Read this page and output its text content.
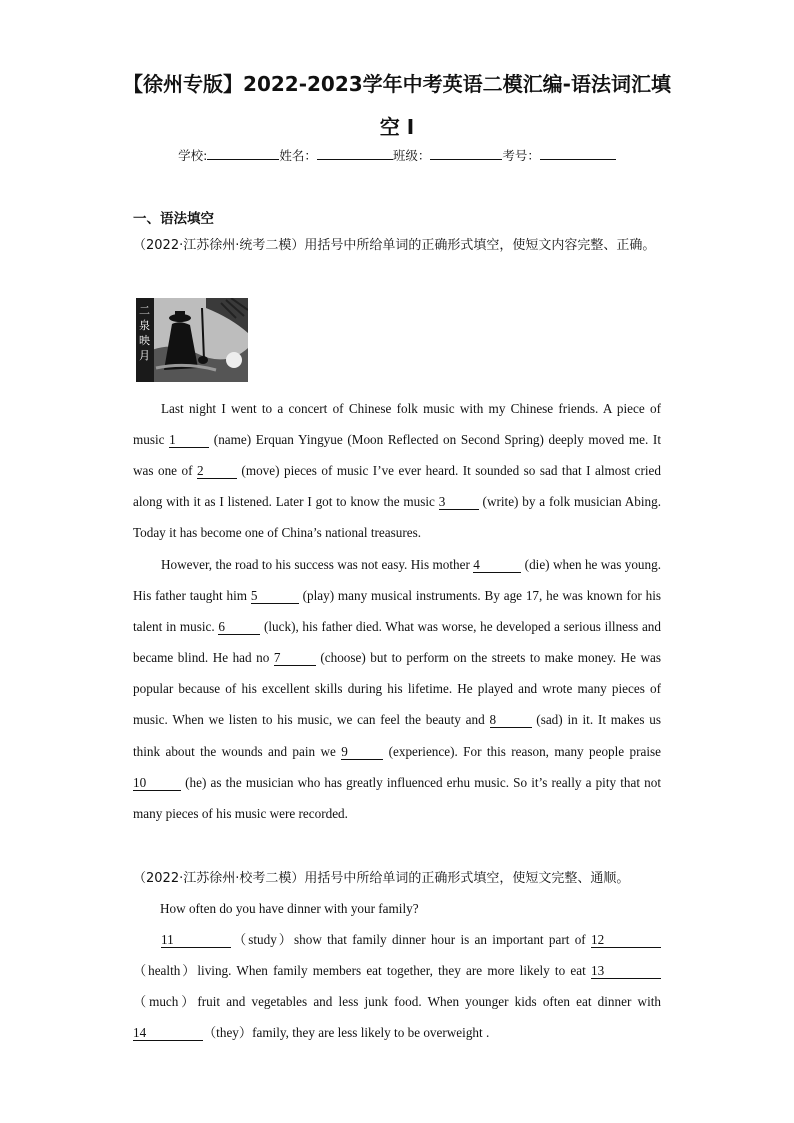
【徐州专版】2022-2023学年中考英语二模汇编-语法词汇填
空 I
学校:	姓名：	班级：	考号：
一、语法填空
（2022·江苏徐州·统考二模）用括号中所给单词的正确形式填空，使短文内容完整、正确。
二
泉
映
月
Last night I went to a concert of Chinese folk music with my Chinese friends. A piece of music 1	(name) Erquan Yingyue (Moon Reflected on Second Spring) deeply moved me. It was one of 2	(move) pieces of music I’ve ever heard. It sounded so sad that I almost cried along with it as I listened. Later I got to know the music 3	(write) by a folk musician Abing. Today it has become one of China’s national treasures.
However, the road to his success was not easy. His mother 4	(die) when he was young. His father taught him 5	(play) many musical instruments. By age 17, he was known for his talent in music. 6	(luck), his father died. What was worse, he developed a serious illness and became blind. He had no 7	(choose) but to perform on the streets to make money. He was popular because of his excellent skills during his lifetime. He played and wrote many pieces of music. When we listen to his music, we can feel the beauty and 8	(sad) in it. It makes us think about the wounds and pain we 9	(experience). For this reason, many people praise 10	(he) as the musician who has greatly influenced erhu music. So it’s really a pity that not many pieces of his music were recorded.
（2022·江苏徐州·校考二模）用括号中所给单词的正确形式填空，使短文完整、通顺。
How often do you have dinner with your family?
11	（study）show that family dinner hour is an important part of 12（health）living. When family members eat together, they are more likely to eat 13（much）fruit and vegetables and less junk food. When younger kids often eat dinner with 14	（they）family, they are less likely to be overweight .
